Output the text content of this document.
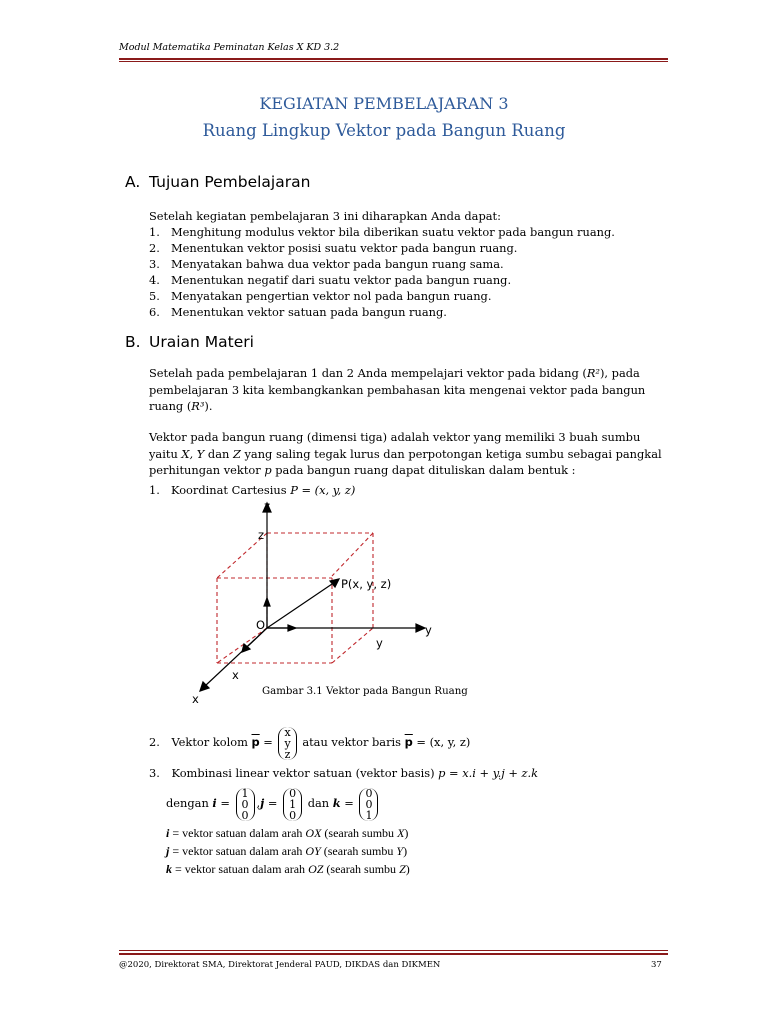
Modul Matematika Peminatan Kelas X KD 3.2
KEGIATAN PEMBELAJARAN 3
Ruang Lingkup Vektor pada Bangun Ruang
A. Tujuan Pembelajaran
Setelah kegiatan pembelajaran 3 ini diharapkan Anda dapat:
1. Menghitung modulus vektor bila diberikan suatu vektor pada bangun ruang.
2. Menentukan vektor posisi suatu vektor pada bangun ruang.
3. Menyatakan bahwa dua vektor pada bangun ruang sama.
4. Menentukan negatif dari suatu vektor pada bangun ruang.
5. Menyatakan pengertian vektor nol pada bangun ruang.
6. Menentukan vektor satuan pada bangun ruang.
B. Uraian Materi
Setelah pada pembelajaran 1 dan 2 Anda mempelajari vektor pada bidang (R²), pada pembelajaran 3 kita kembangkankan pembahasan kita mengenai vektor pada bangun ruang (R³).
Vektor pada bangun ruang (dimensi tiga) adalah vektor yang memiliki 3 buah sumbu yaitu X, Y dan Z yang saling tegak lurus dan perpotongan ketiga sumbu sebagai pangkal perhitungan vektor p pada bangun ruang dapat dituliskan dalam bentuk :
1. Koordinat Cartesius P = (x, y, z)
z
z
y
y
x
x
O
P(x, y, z)
Gambar 3.1 Vektor pada Bangun Ruang
2. Vektor kolom $\overline{p} = x$
y
z atau vektor baris $\overline{p} = (x$, y, z)
3. Kombinasi linear vektor satuan (vektor basis) p = x.i + y.j + z.k
dengan i = 1
0
0,j = 0
1
0 dan k = 0
0
1
i = vektor satuan dalam arah OX (searah sumbu X)
j = vektor satuan dalam arah OY (searah sumbu Y)
k = vektor satuan dalam arah OZ (searah sumbu Z)
@2020, Direktorat SMA, Direktorat Jenderal PAUD, DIKDAS dan DIKMEN	37
